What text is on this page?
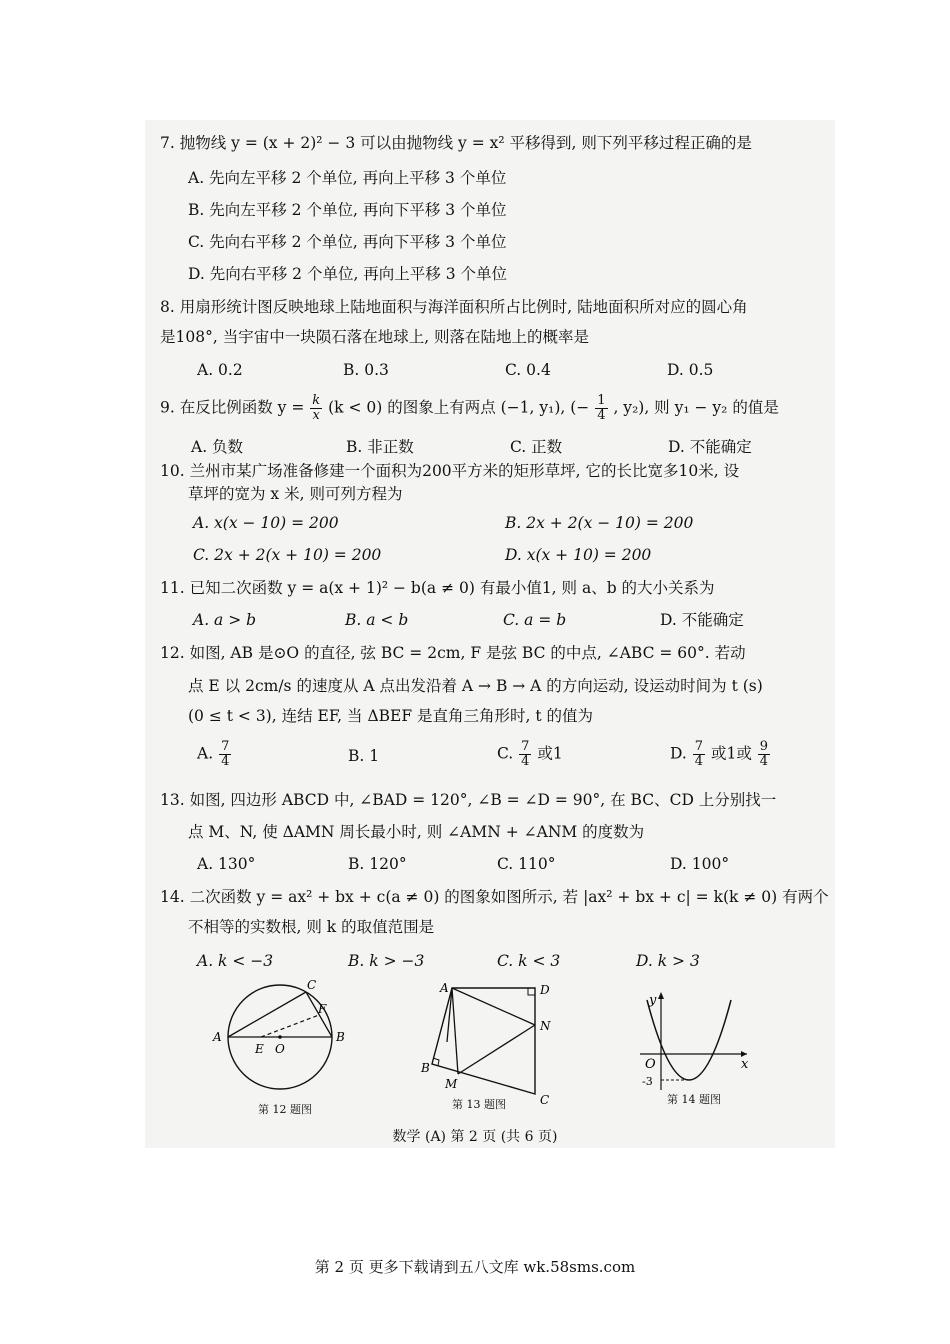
7. 抛物线 y = (x + 2)² − 3 可以由抛物线 y = x² 平移得到, 则下列平移过程正确的是
A. 先向左平移 2 个单位, 再向上平移 3 个单位
B. 先向左平移 2 个单位, 再向下平移 3 个单位
C. 先向右平移 2 个单位, 再向下平移 3 个单位
D. 先向右平移 2 个单位, 再向上平移 3 个单位
8. 用扇形统计图反映地球上陆地面积与海洋面积所占比例时, 陆地面积所对应的圆心角
是108°, 当宇宙中一块陨石落在地球上, 则落在陆地上的概率是
A. 0.2	B. 0.3	C. 0.4	D. 0.5
9. 在反比例函数 $y = \frac{k}{x} (k < 0)$ 的图象上有两点 (−1, y₁), (− $\frac{1}{4}$ , y₂), 则 y₁ − y₂ 的值是
A. 负数	B. 非正数	C. 正数	D. 不能确定
10. 兰州市某广场准备修建一个面积为200平方米的矩形草坪, 它的长比宽多10米, 设
草坪的宽为 x 米, 则可列方程为
A. x(x − 10) = 200	B. 2x + 2(x − 10) = 200
C. 2x + 2(x + 10) = 200	D. x(x + 10) = 200
11. 已知二次函数 y = a(x + 1)² − b(a ≠ 0) 有最小值1, 则 a、b 的大小关系为
A. a > b	B. a < b	C. a = b	D. 不能确定
12. 如图, AB 是⊙O 的直径, 弦 BC = 2cm, F 是弦 BC 的中点, ∠ABC = 60°. 若动
点 E 以 2cm/s 的速度从 A 点出发沿着 A → B → A 的方向运动, 设运动时间为 t (s)
(0 ≤ t < 3), 连结 EF, 当 ΔBEF 是直角三角形时, t 的值为
A. $\frac{7}{4}$	B. 1	C. $\frac{7}{4}$ 或1	D. $\frac{7}{4}$ 或1或 $\frac{9}{4}$
13. 如图, 四边形 ABCD 中, ∠BAD = 120°, ∠B = ∠D = 90°, 在 BC、CD 上分别找一
点 M、N, 使 ΔAMN 周长最小时, 则 ∠AMN + ∠ANM 的度数为
A. 130°	B. 120°	C. 110°	D. 100°
14. 二次函数 y = ax² + bx + c(a ≠ 0) 的图象如图所示, 若 |ax² + bx + c| = k(k ≠ 0) 有两个
不相等的实数根, 则 k 的取值范围是
A. k < −3	B. k > −3	C. k < 3	D. k > 3
A	B
C
E O
F
第 12 题图
A
B
C
D
M
N
第 13 题图
y
x
O
-3
第 14 题图
数学 (A) 第 2 页 (共 6 页)
第 2 页 更多下载请到五八文库 wk.58sms.com
